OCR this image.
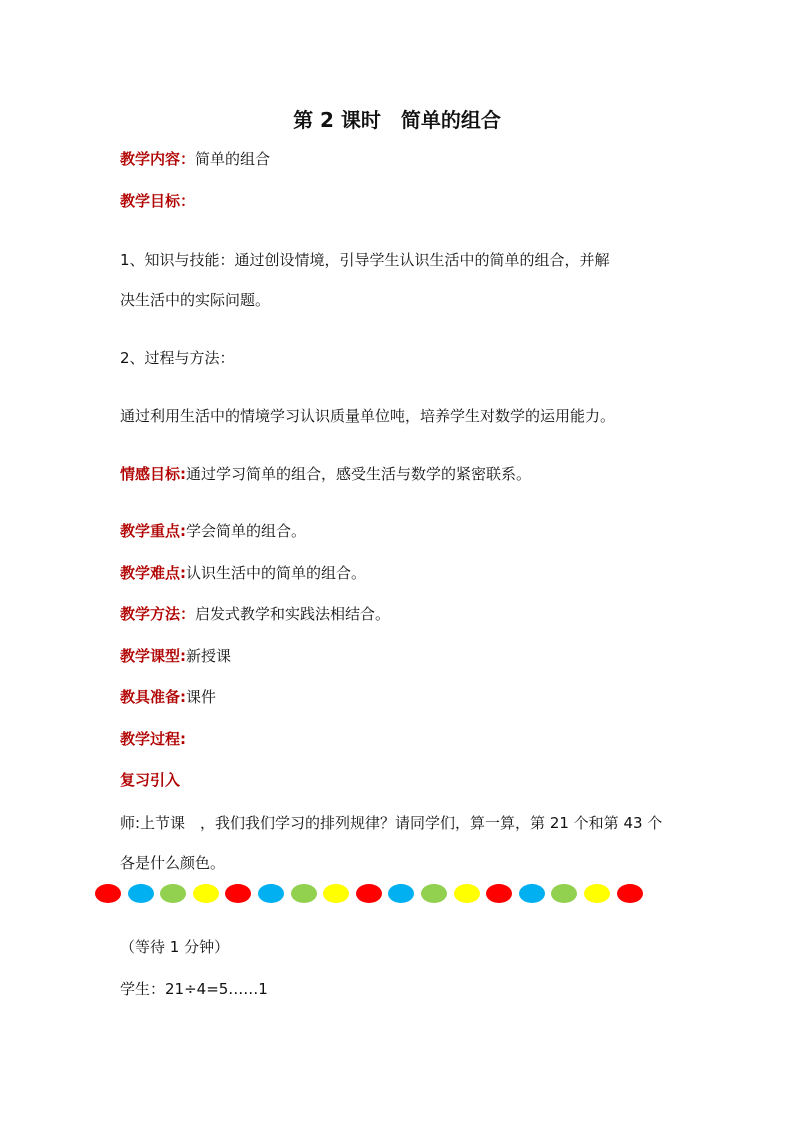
第 2 课时　简单的组合
教学内容：简单的组合
教学目标：
1、知识与技能：通过创设情境，引导学生认识生活中的简单的组合，并解
决生活中的实际问题。
2、过程与方法：
通过利用生活中的情境学习认识质量单位吨，培养学生对数学的运用能力。
情感目标:通过学习简单的组合，感受生活与数学的紧密联系。
教学重点:学会简单的组合。
教学难点:认识生活中的简单的组合。
教学方法：启发式教学和实践法相结合。
教学课型:新授课
教具准备:课件
教学过程:
复习引入
师:上节课　，我们我们学习的排列规律？请同学们，算一算，第 21 个和第 43 个
各是什么颜色。
（等待 1 分钟）
学生：21÷4=5……1
